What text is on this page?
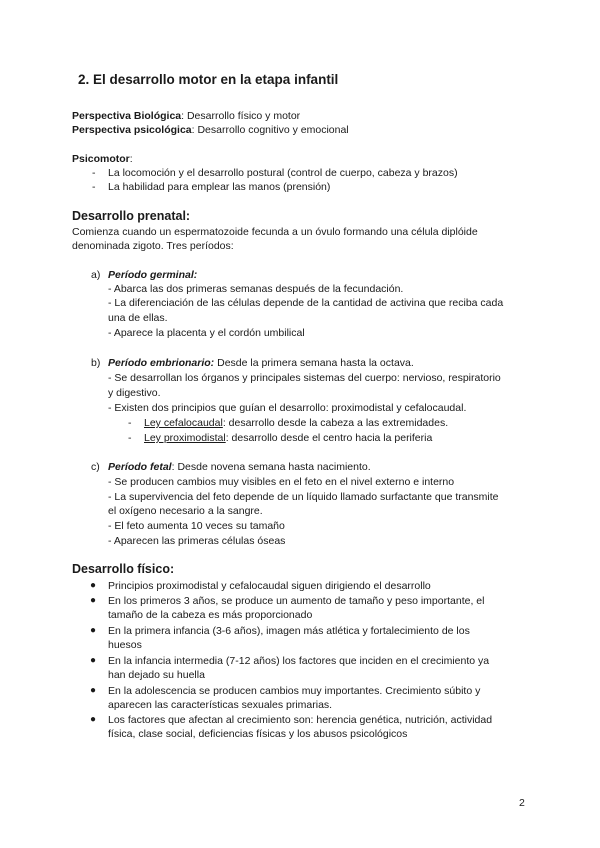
2. El desarrollo motor en la etapa infantil
Perspectiva Biológica: Desarrollo físico y motor
Perspectiva psicológica: Desarrollo cognitivo y emocional
Psicomotor:
- La locomoción y el desarrollo postural (control de cuerpo, cabeza y brazos)
- La habilidad para emplear las manos (prensión)
Desarrollo prenatal:
Comienza cuando un espermatozoide fecunda a un óvulo formando una célula diplóide
denominada zigoto. Tres períodos:
a) Período germinal:
- Abarca las dos primeras semanas después de la fecundación.
- La diferenciación de las células depende de la cantidad de activina que reciba cada
una de ellas.
- Aparece la placenta y el cordón umbilical
b) Período embrionario: Desde la primera semana hasta la octava.
- Se desarrollan los órganos y principales sistemas del cuerpo: nervioso, respiratorio
y digestivo.
- Existen dos principios que guían el desarrollo: proximodistal y cefalocaudal.
- Ley cefalocaudal: desarrollo desde la cabeza a las extremidades.
- Ley proximodistal: desarrollo desde el centro hacia la periferia
c) Período fetal: Desde novena semana hasta nacimiento.
- Se producen cambios muy visibles en el feto en el nivel externo e interno
- La supervivencia del feto depende de un líquido llamado surfactante que transmite
el oxígeno necesario a la sangre.
- El feto aumenta 10 veces su tamaño
- Aparecen las primeras células óseas
Desarrollo físico:
● Principios proximodistal y cefalocaudal siguen dirigiendo el desarrollo
● En los primeros 3 años, se produce un aumento de tamaño y peso importante, el
tamaño de la cabeza es más proporcionado
● En la primera infancia (3-6 años), imagen más atlética y fortalecimiento de los
huesos
● En la infancia intermedia (7-12 años) los factores que inciden en el crecimiento ya
han dejado su huella
● En la adolescencia se producen cambios muy importantes. Crecimiento súbito y
aparecen las características sexuales primarias.
● Los factores que afectan al crecimiento son: herencia genética, nutrición, actividad
física, clase social, deficiencias físicas y los abusos psicológicos
2
